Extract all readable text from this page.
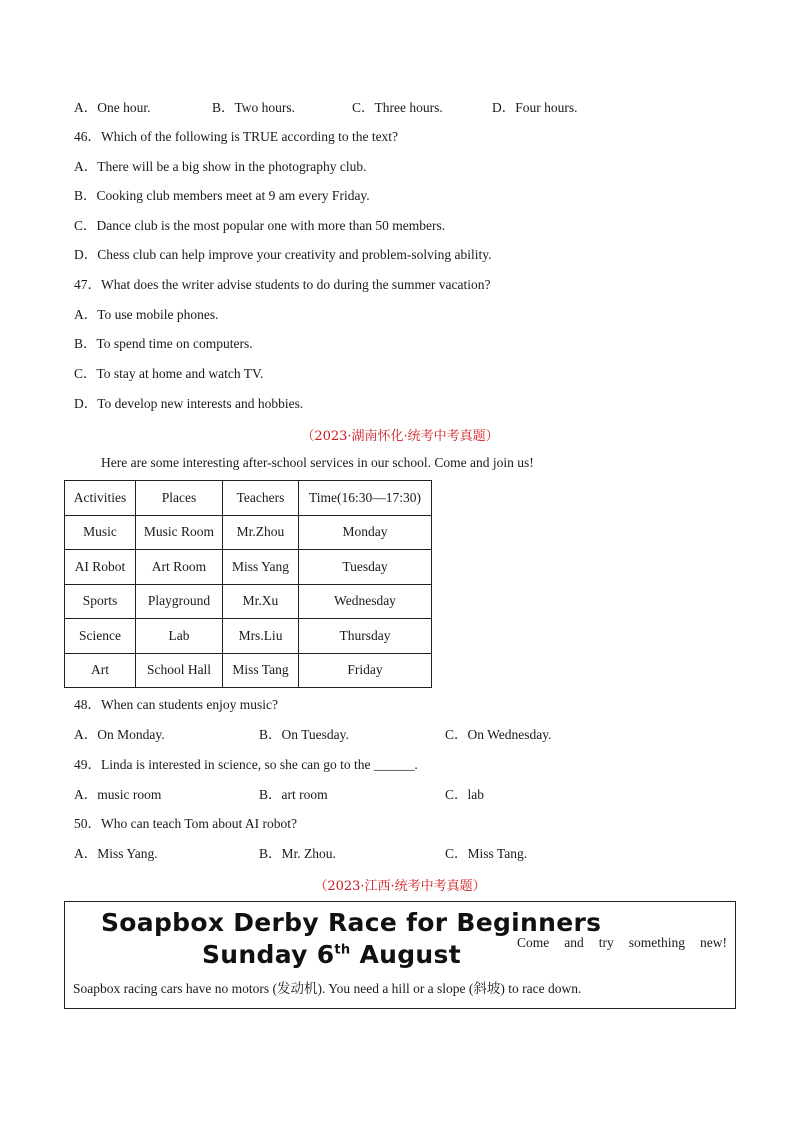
A．One hour.	B．Two hours.	C．Three hours.	D．Four hours.
46．Which of the following is TRUE according to the text?
A．There will be a big show in the photography club.
B．Cooking club members meet at 9 am every Friday.
C．Dance club is the most popular one with more than 50 members.
D．Chess club can help improve your creativity and problem-solving ability.
47．What does the writer advise students to do during the summer vacation?
A．To use mobile phones.
B．To spend time on computers.
C．To stay at home and watch TV.
D．To develop new interests and hobbies.
（2023·湖南怀化·统考中考真题）
Here are some interesting after-school services in our school. Come and join us!
Activities	Places	Teachers	Time(16:30—17:30)
Music	Music Room	Mr.Zhou	Monday
AI Robot	Art Room	Miss Yang	Tuesday
Sports	Playground	Mr.Xu	Wednesday
Science	Lab	Mrs.Liu	Thursday
Art	School Hall	Miss Tang	Friday
48．When can students enjoy music?
A．On Monday.	B．On Tuesday.	C．On Wednesday.
49．Linda is interested in science, so she can go to the ______.
A．music room	B．art room	C．lab
50．Who can teach Tom about AI robot?
A．Miss Yang.	B．Mr. Zhou.	C．Miss Tang.
（2023·江西·统考中考真题）
Soapbox Derby Race for Beginners
Sunday 6th August	Come and try something new!
Soapbox racing cars have no motors (发动机). You need a hill or a slope (斜坡) to race down.
